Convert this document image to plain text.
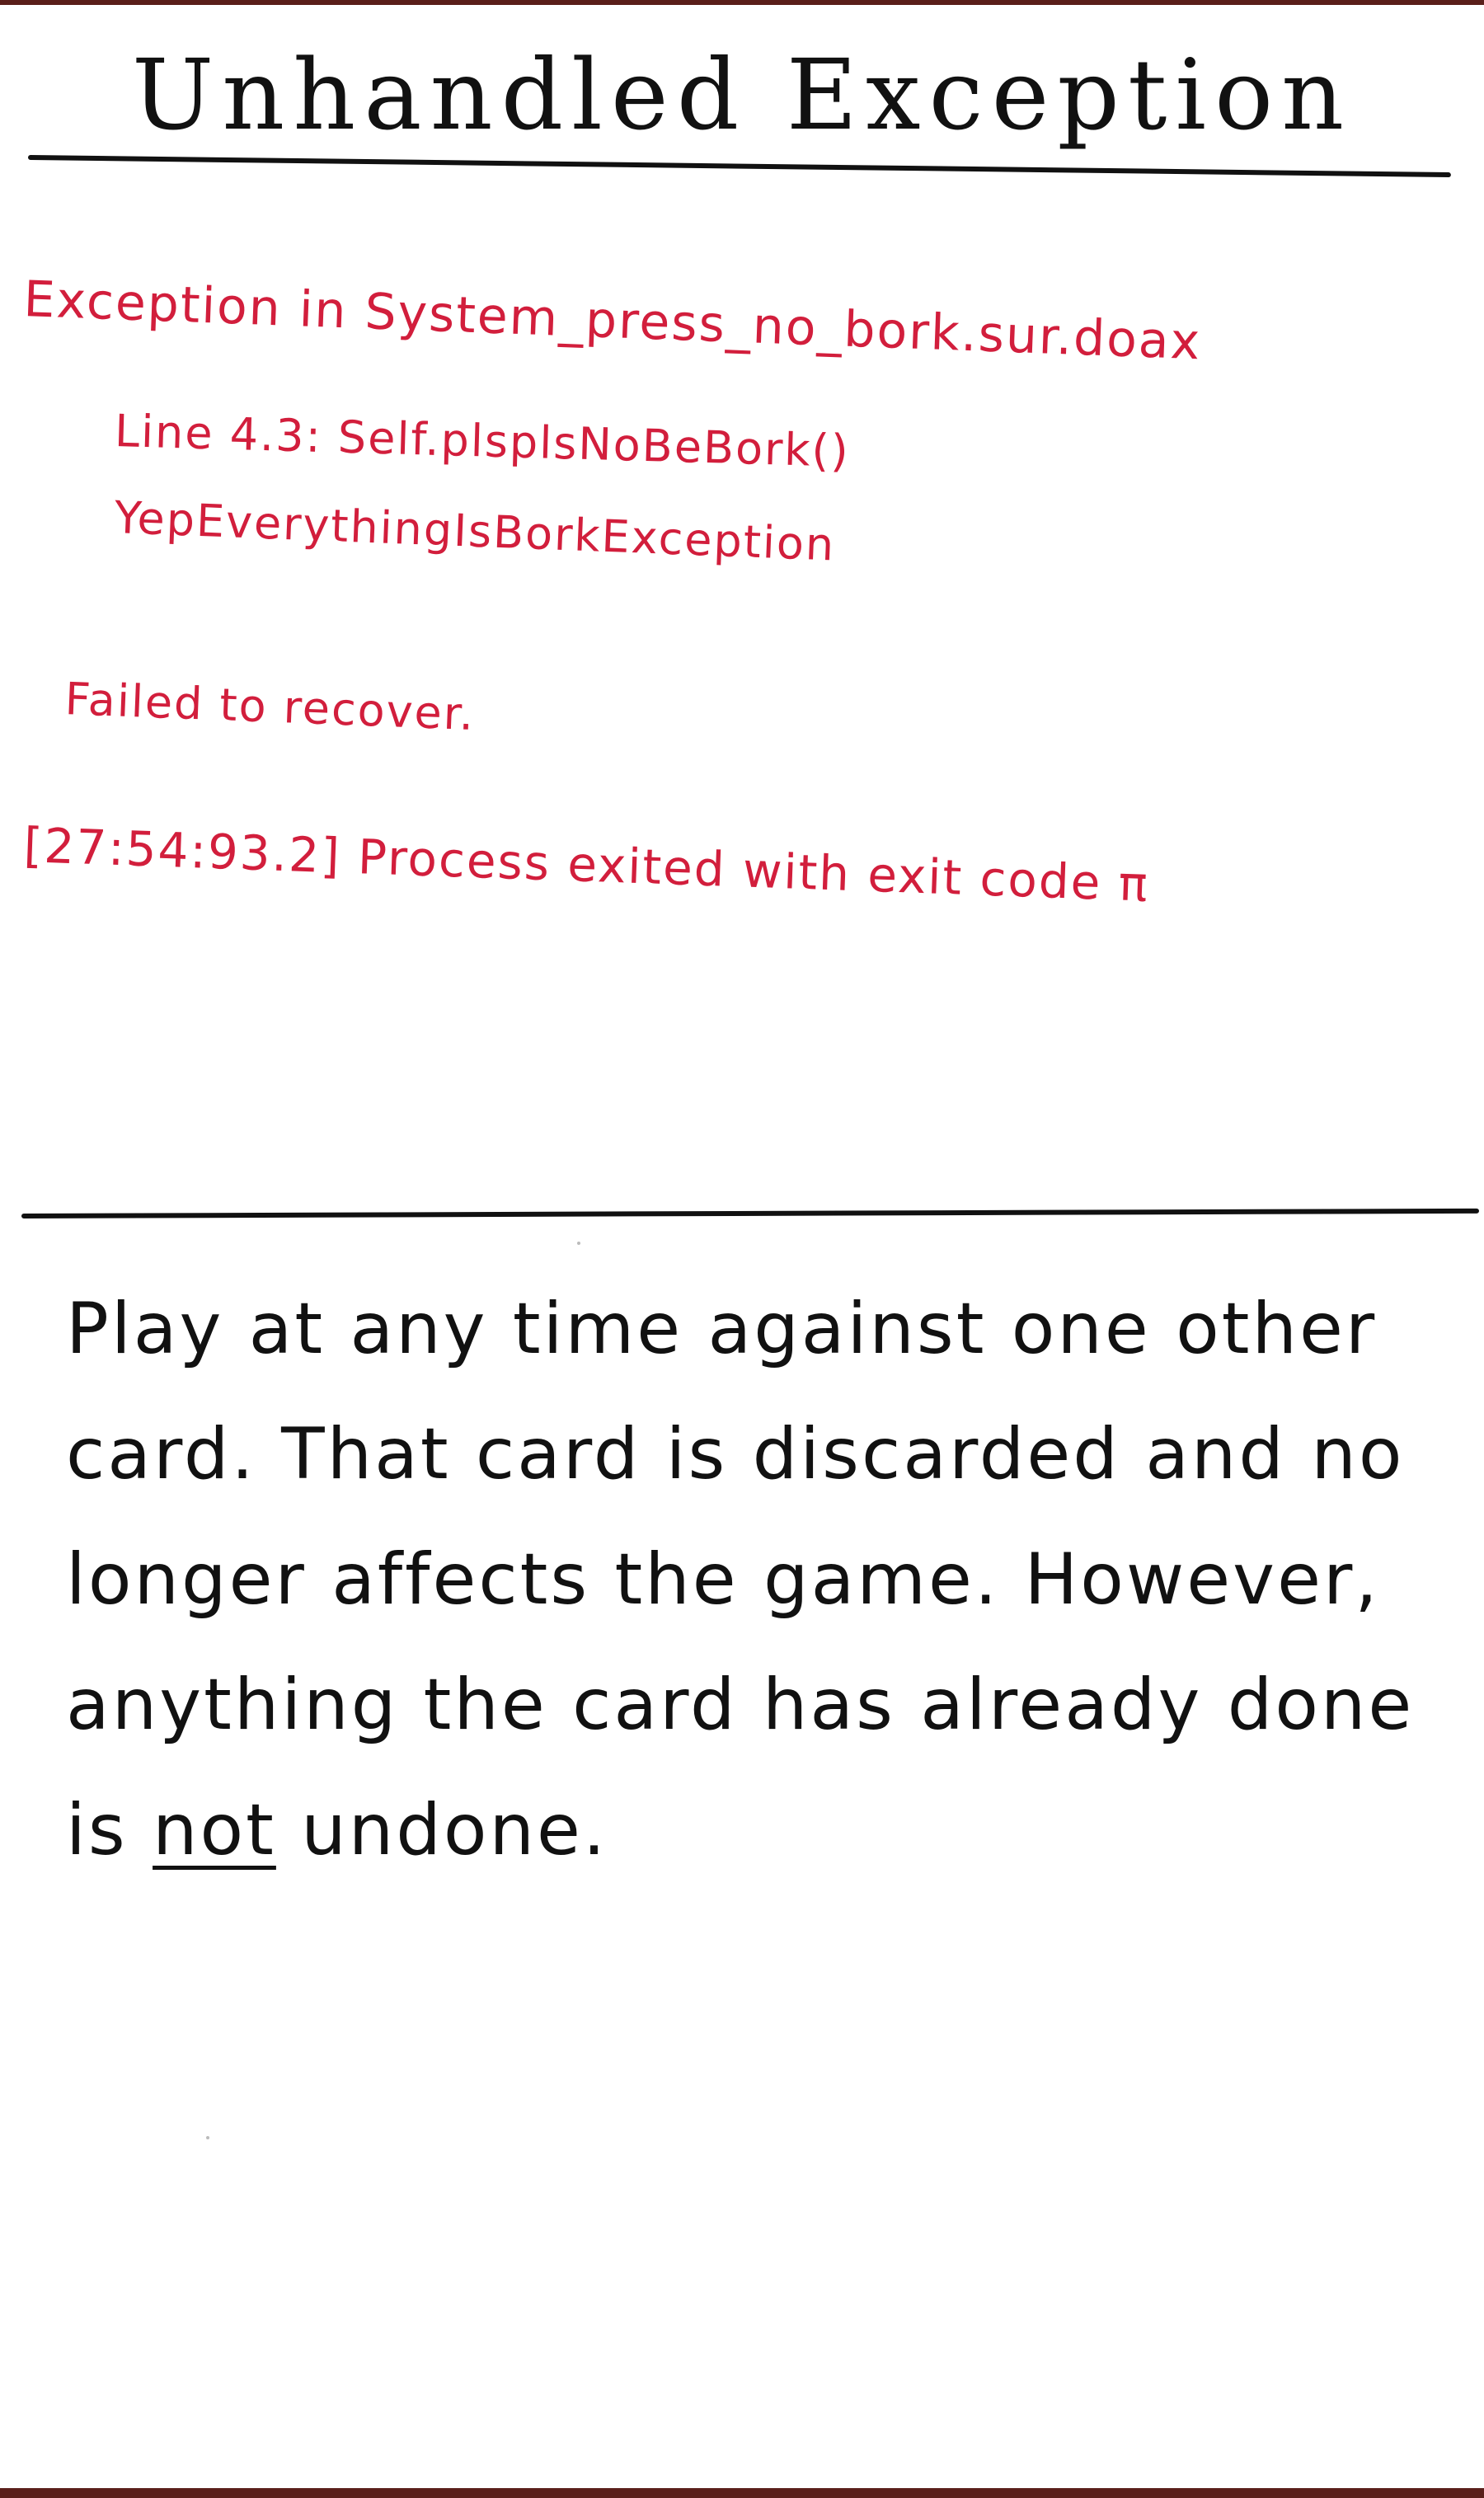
Unhandled Exception
Exception in System_press_no_bork.sur.doax
Line 4.3: Self.plsplsNoBeBork()
YepEverythingIsBorkException
Failed to recover.
[27:54:93.2] Process exited with exit code π

Play at any time against one other card. That card is discarded and no longer affects the game. However, anything the card has already done is not undone.
